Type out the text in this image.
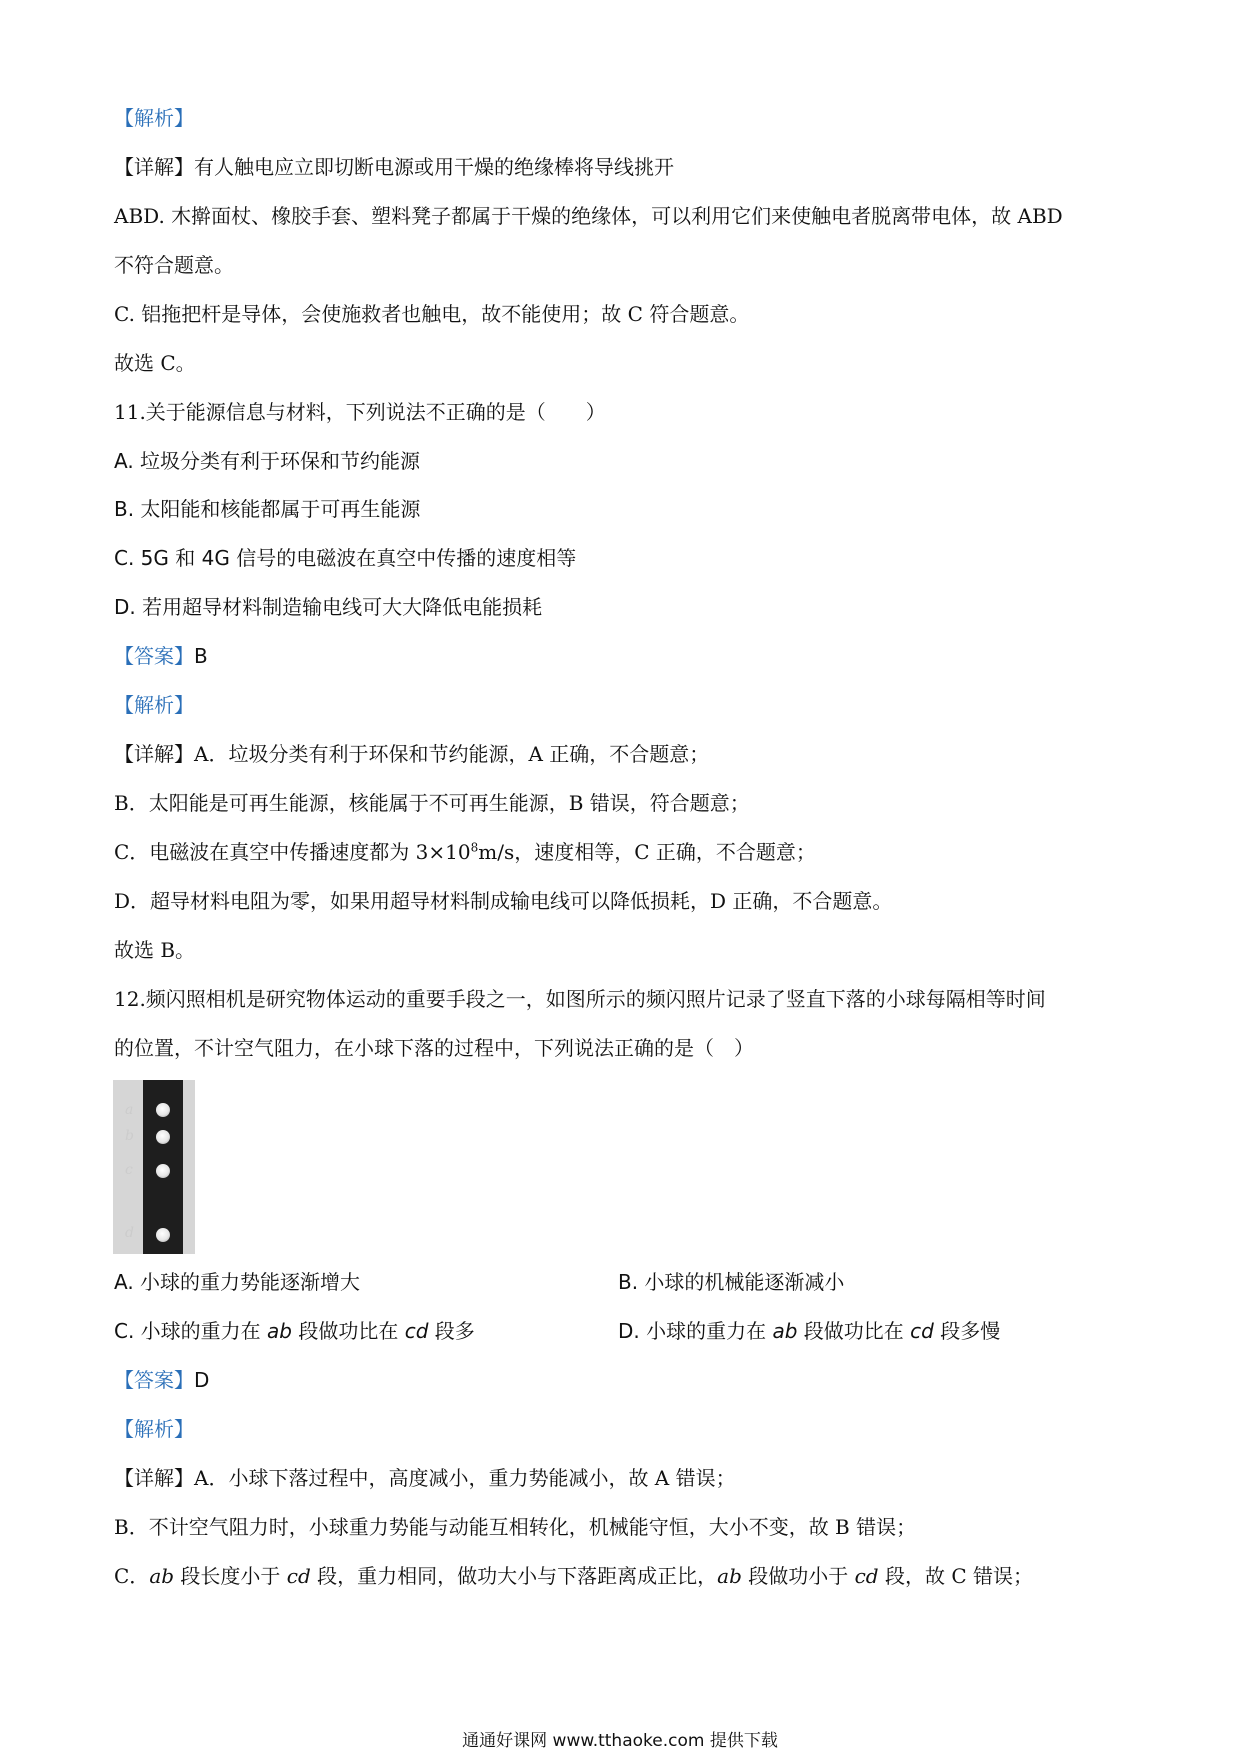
【解析】
【详解】有人触电应立即切断电源或用干燥的绝缘棒将导线挑开
ABD. 木擀面杖、橡胶手套、塑料凳子都属于干燥的绝缘体，可以利用它们来使触电者脱离带电体，故 ABD
不符合题意。
C. 铝拖把杆是导体，会使施救者也触电，故不能使用；故 C 符合题意。
故选 C。
11.关于能源信息与材料，下列说法不正确的是（　　）
A. 垃圾分类有利于环保和节约能源
B. 太阳能和核能都属于可再生能源
C. 5G 和 4G 信号的电磁波在真空中传播的速度相等
D. 若用超导材料制造输电线可大大降低电能损耗
【答案】B
【解析】
【详解】A．垃圾分类有利于环保和节约能源，A 正确，不合题意；
B．太阳能是可再生能源，核能属于不可再生能源，B 错误，符合题意；
C．电磁波在真空中传播速度都为 $3\times 10^8m/s$，速度相等，C 正确，不合题意；
D．超导材料电阻为零，如果用超导材料制成输电线可以降低损耗，D 正确，不合题意。
故选 B。
12.频闪照相机是研究物体运动的重要手段之一，如图所示的频闪照片记录了竖直下落的小球每隔相等时间
的位置，不计空气阻力，在小球下落的过程中，下列说法正确的是（　）
a
b
c
d
A. 小球的重力势能逐渐增大	B. 小球的机械能逐渐减小
C. 小球的重力在 ab 段做功比在 cd 段多	D. 小球的重力在 ab 段做功比在 cd 段多慢
【答案】D
【解析】
【详解】A．小球下落过程中，高度减小，重力势能减小，故 A 错误；
B．不计空气阻力时，小球重力势能与动能互相转化，机械能守恒，大小不变，故 B 错误；
C．ab 段长度小于 cd 段，重力相同，做功大小与下落距离成正比，ab 段做功小于 cd 段，故 C 错误；
通通好课网 www.tthaoke.com 提供下载
